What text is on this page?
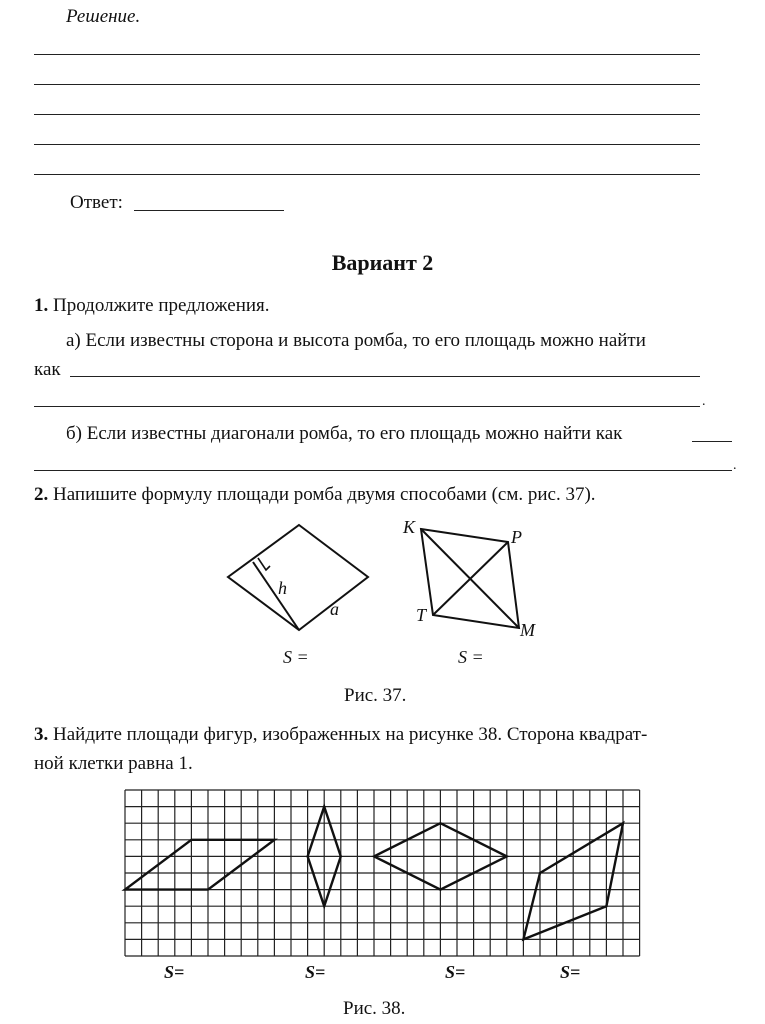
Решение.
Ответ:
Вариант 2
1. Продолжите предложения.
а) Если известны сторона и высота ромба, то его площадь можно найти
как
.
б) Если известны диагонали ромба, то его площадь можно найти как
.
2. Напишите формулу площади ромба двумя способами (см. рис. 37).
h
a
S =
K	P
M
T
S =
Рис. 37.
3. Найдите площади фигур, изображенных на рисунке 38. Сторона квадрат-
ной клетки равна 1.
S=	S=	S=	S=
Рис. 38.
